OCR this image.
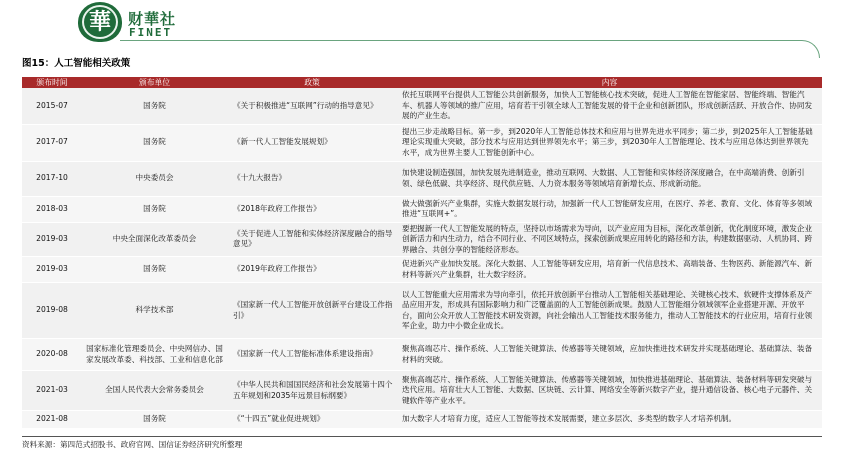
華	财華社
FINET
图15：人工智能相关政策
颁布时间	颁布单位	政策	内容
2015-07	国务院	《关于积极推进“互联网”行动的指导意见》	依托互联网平台提供人工智能公共创新服务，加快人工智能核心技术突破，促进人工智能在智能家居、智能终端、智能汽车、机器人等领域的推广应用，培育若干引领全球人工智能发展的骨干企业和创新团队，形成创新活跃、开放合作、协同发展的产业生态。
2017-07	国务院	《新一代人工智能发展规划》	提出三步走战略目标。第一步，到2020年人工智能总体技术和应用与世界先进水平同步；第二步，到2025年人工智能基础理论实现重大突破，部分技术与应用达到世界领先水平；第三步，到2030年人工智能理论、技术与应用总体达到世界领先水平，成为世界主要人工智能创新中心。
2017-10	中央委员会	《十九大报告》	加快建设制造强国，加快发展先进制造业，推动互联网、大数据、人工智能和实体经济深度融合，在中高端消费、创新引领、绿色低碳、共享经济、现代供应链、人力资本服务等领域培育新增长点、形成新动能。
2018-03	国务院	《2018年政府工作报告》	做大做强新兴产业集群，实施大数据发展行动，加强新一代人工智能研发应用，在医疗、养老、教育、文化、体育等多领域推进“互联网+”。
2019-03	中央全面深化改革委员会	《关于促进人工智能和实体经济深度融合的指导意见》	要把握新一代人工智能发展的特点，坚持以市场需求为导向，以产业应用为目标，深化改革创新，优化制度环境，激发企业创新活力和内生动力，结合不同行业、不同区域特点，探索创新成果应用转化的路径和方法，构建数据驱动、人机协同、跨界融合、共创分享的智能经济形态。
2019-03	国务院	《2019年政府工作报告》	促进新兴产业加快发展。深化大数据、人工智能等研发应用，培育新一代信息技术、高端装备、生物医药、新能源汽车、新材料等新兴产业集群，壮大数字经济。
2019-08	科学技术部	《国家新一代人工智能开放创新平台建设工作指引》	以人工智能重大应用需求为导向牵引，依托开放创新平台推动人工智能相关基础理论、关键核心技术、软硬件支撑体系及产品应用开发，形成具有国际影响力和广泛覆盖面的人工智能创新成果。鼓励人工智能细分领域领军企业搭建开源、开放平台，面向公众开放人工智能技术研发资源，向社会输出人工智能技术服务能力，推动人工智能技术的行业应用，培育行业领军企业，助力中小微企业成长。
2020-08	国家标准化管理委员会、中央网信办、国家发展改革委、科技部、工业和信息化部	《国家新一代人工智能标准体系建设指南》	聚焦高端芯片、操作系统、人工智能关键算法、传感器等关键领域，应加快推进技术研发并实现基础理论、基础算法、装备材料的突破。
2021-03	全国人民代表大会常务委员会	《中华人民共和国国民经济和社会发展第十四个五年规划和2035年远景目标纲要》	聚焦高端芯片、操作系统、人工智能关键算法、传感器等关键领域，加快推进基础理论、基础算法、装备材料等研发突破与迭代应用。培育壮大人工智能、大数据、区块链、云计算、网络安全等新兴数字产业，提升通信设备、核心电子元器件、关键软件等产业水平。
2021-08	国务院	《“十四五”就业促进规划》	加大数字人才培育力度，适应人工智能等技术发展需要，建立多层次、多类型的数字人才培养机制。
资料来源：第四范式招股书、政府官网、国信证券经济研究所整理
